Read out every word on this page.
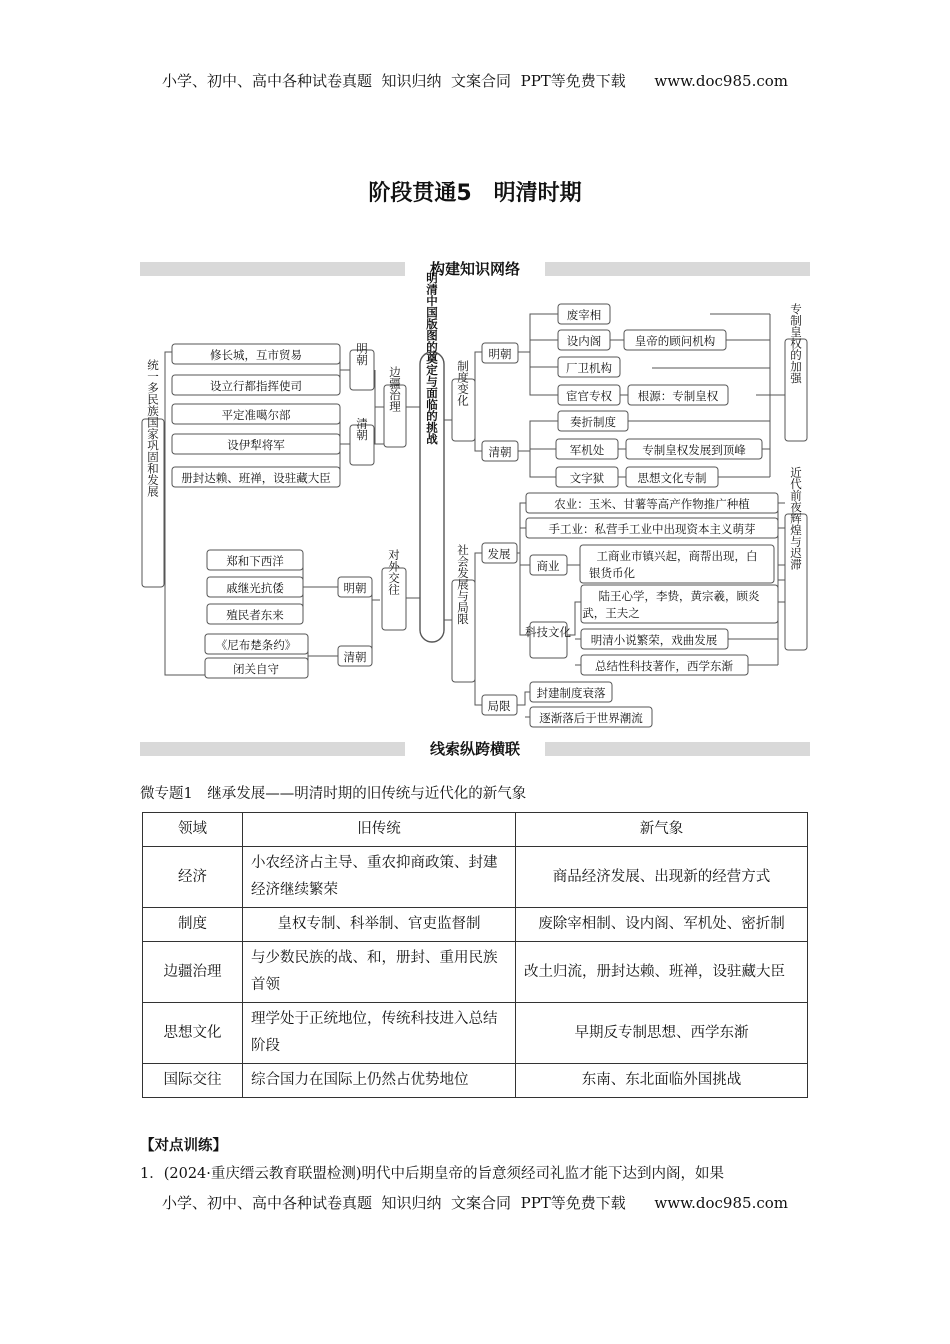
小学、初中、高中各种试卷真题  知识归纳  文案合同  PPT等免费下载      www.doc985.com
阶段贯通5　明清时期
构建知识网络
统一多民族国家巩固和发展
修长城，互市贸易
设立行都指挥使司
平定准噶尔部
设伊犁将军
册封达赖、班禅，设驻藏大臣
明朝
清朝
边疆治理
郑和下西洋
戚继光抗倭
殖民者东来
《尼布楚条约》
闭关自守
明朝
清朝
对外交往
明清中国版图的奠定与面临的挑战 制度变化
明朝
清朝
废宰相
设内阁	皇帝的顾问机构
厂卫机构
宦官专权 根源：专制皇权
奏折制度
军机处	专制皇权发展到顶峰
文字狱	思想文化专制
专制皇权的加强
社会发展与局限 发展
局限
农业：玉米、甘薯等高产作物推广种植
手工业：私营手工业中出现资本主义萌芽
商业
工商业市镇兴起，商帮出现，白
银货币化
科技文化
陆王心学，李贽，黄宗羲，顾炎
武，王夫之
明清小说繁荣，戏曲发展
总结性科技著作，西学东渐
封建制度衰落
逐渐落后于世界潮流
近代前夜辉煌与迟滞
线索纵跨横联
微专题1　继承发展——明清时期的旧传统与近代化的新气象
领域	旧传统	新气象
经济	小农经济占主导、重农抑商政策、封建经济继续繁荣	商品经济发展、出现新的经营方式
制度	皇权专制、科举制、官吏监督制	废除宰相制、设内阁、军机处、密折制
边疆治理	与少数民族的战、和，册封、重用民族首领	改土归流，册封达赖、班禅，设驻藏大臣
思想文化	理学处于正统地位，传统科技进入总结阶段	早期反专制思想、西学东渐
国际交往	综合国力在国际上仍然占优势地位	东南、东北面临外国挑战
【对点训练】
1．(2024·重庆缙云教育联盟检测)明代中后期皇帝的旨意须经司礼监才能下达到内阁，如果
小学、初中、高中各种试卷真题  知识归纳  文案合同  PPT等免费下载      www.doc985.com
